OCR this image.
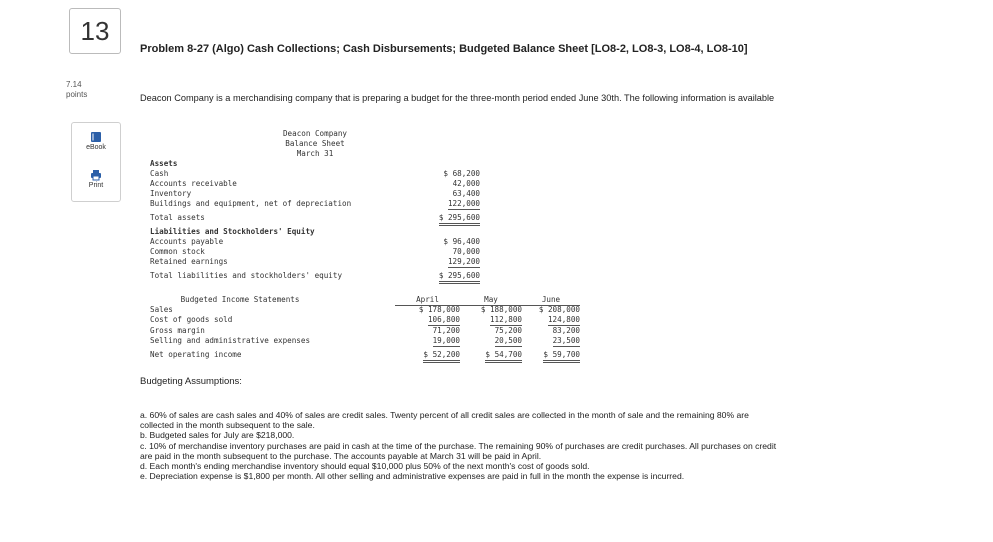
13
7.14
points
eBook
Print
Problem 8-27 (Algo) Cash Collections; Cash Disbursements; Budgeted Balance Sheet [LO8-2, LO8-3, LO8-4, LO8-10]
Deacon Company is a merchandising company that is preparing a budget for the three-month period ended June 30th. The following information is available
Deacon Company
Balance Sheet
March 31
Assets
Cash	$ 68,200
Accounts receivable	42,000
Inventory	63,400
Buildings and equipment, net of depreciation	122,000
Total assets	$ 295,600
Liabilities and Stockholders' Equity
Accounts payable	$ 96,400
Common stock	70,000
Retained earnings	129,200
Total liabilities and stockholders' equity	$ 295,600
Budgeted Income Statements	April	May	June
Sales	$ 178,000	$ 188,000 $ 208,000
Cost of goods sold	106,800	112,800	124,800
Gross margin	71,200	75,200	83,200
Selling and administrative expenses	19,000	20,500	23,500
Net operating income	$ 52,200	$ 54,700	$ 59,700
Budgeting Assumptions:
a. 60% of sales are cash sales and 40% of sales are credit sales. Twenty percent of all credit sales are collected in the month of sale and the remaining 80% are collected in the month subsequent to the sale.
b. Budgeted sales for July are $218,000.
c. 10% of merchandise inventory purchases are paid in cash at the time of the purchase. The remaining 90% of purchases are credit purchases. All purchases on credit are paid in the month subsequent to the purchase. The accounts payable at March 31 will be paid in April.
d. Each month's ending merchandise inventory should equal $10,000 plus 50% of the next month's cost of goods sold.
e. Depreciation expense is $1,800 per month. All other selling and administrative expenses are paid in full in the month the expense is incurred.
